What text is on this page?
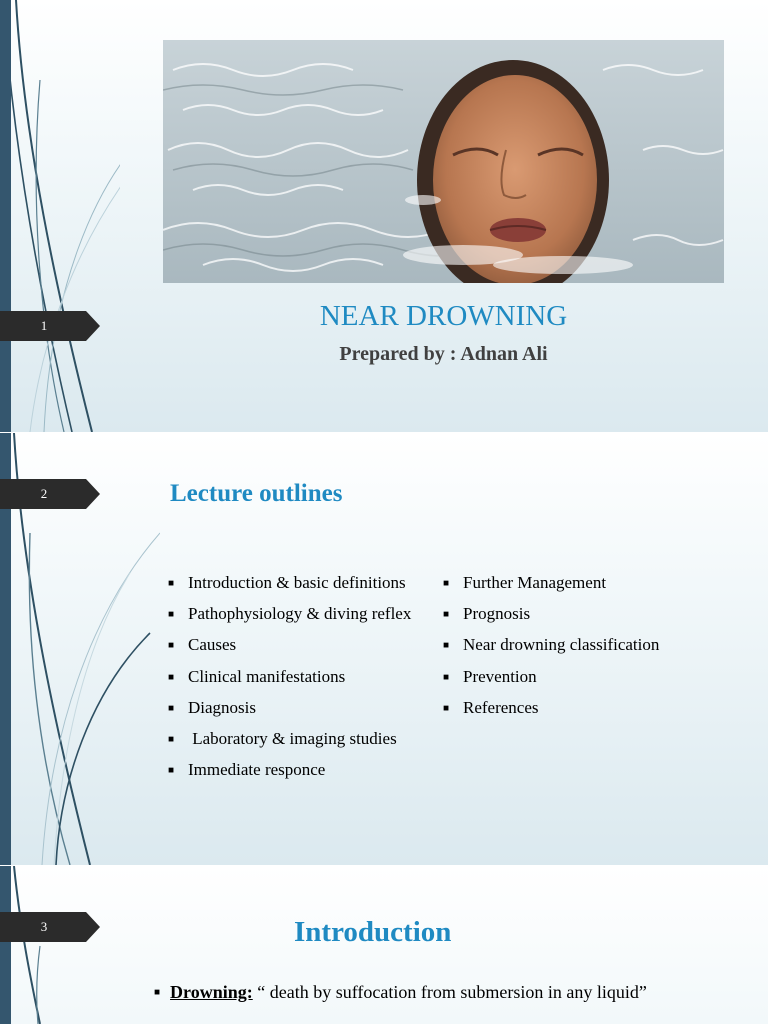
1	NEAR DROWNING
Prepared by : Adnan Ali
2	Lecture outlines
■ Introduction & basic definitions
■ Pathophysiology & diving reflex
■ Causes
■ Clinical manifestations
■ Diagnosis
■ Laboratory & imaging studies
■ Immediate responce
■ Further Management
■ Prognosis
■ Near drowning classification
■ Prevention
■ References
3	Introduction
■ Drowning: “ death by suffocation from submersion in any liquid”
